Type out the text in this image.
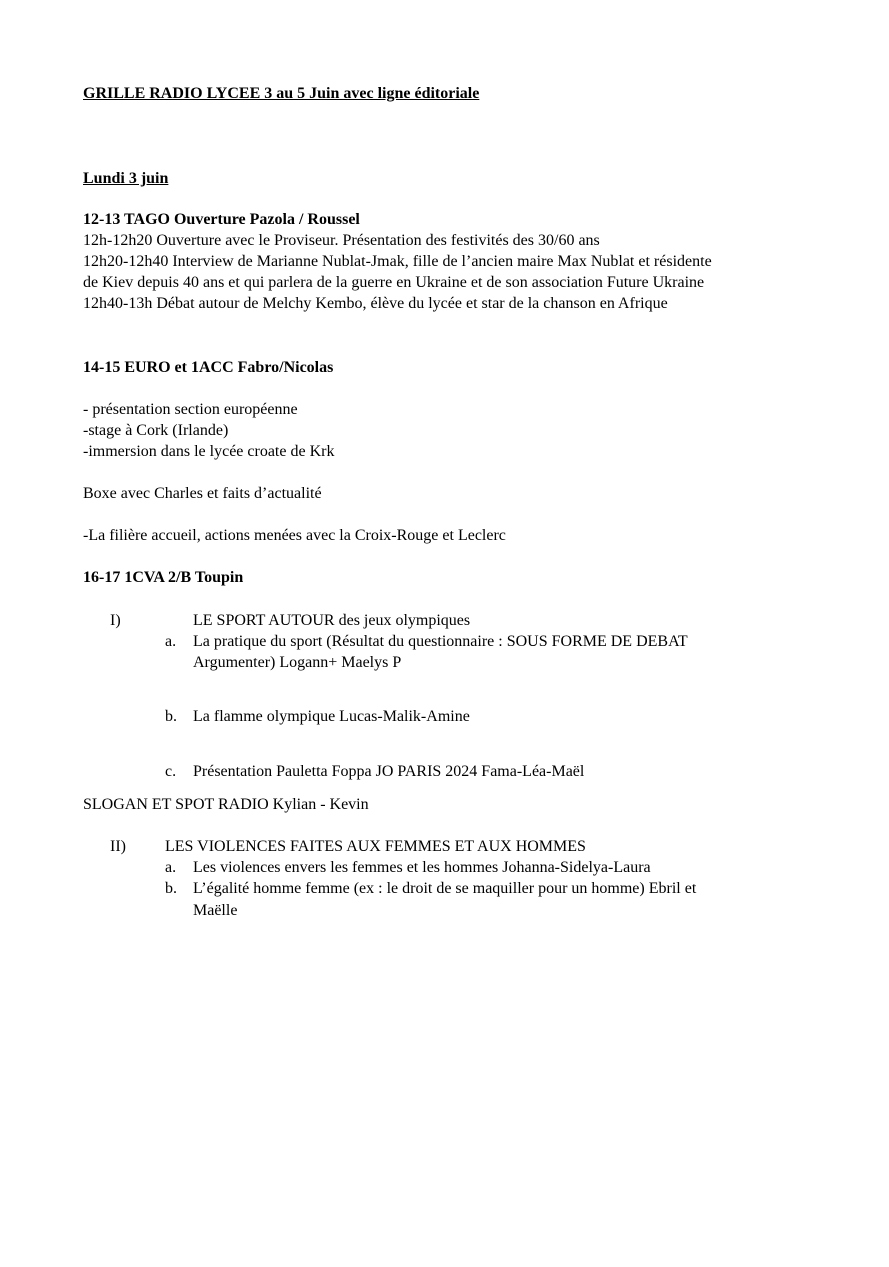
GRILLE RADIO LYCEE 3 au 5 Juin avec ligne éditoriale
Lundi 3 juin
12-13 TAGO Ouverture Pazola / Roussel
12h-12h20 Ouverture avec le Proviseur. Présentation des festivités des 30/60 ans
12h20-12h40 Interview de Marianne Nublat-Jmak, fille de l’ancien maire Max Nublat et résidente
de Kiev depuis 40 ans et qui parlera de la guerre en Ukraine et de son association Future Ukraine
12h40-13h Débat autour de Melchy Kembo, élève du lycée et star de la chanson en Afrique
14-15 EURO et 1ACC Fabro/Nicolas
- présentation section européenne
-stage à Cork (Irlande)
-immersion dans le lycée croate de Krk
Boxe avec Charles et faits d’actualité
-La filière accueil, actions menées avec la Croix-Rouge et Leclerc
16-17 1CVA 2/B Toupin
I)	LE SPORT AUTOUR des jeux olympiques
a. La pratique du sport (Résultat du questionnaire : SOUS FORME DE DEBAT
Argumenter) Logann+ Maelys P
b. La flamme olympique Lucas-Malik-Amine
c. Présentation Pauletta Foppa JO PARIS 2024 Fama-Léa-Maël
SLOGAN ET SPOT RADIO Kylian - Kevin
II) LES VIOLENCES FAITES AUX FEMMES ET AUX HOMMES
a. Les violences envers les femmes et les hommes Johanna-Sidelya-Laura
b. L’égalité homme femme (ex : le droit de se maquiller pour un homme) Ebril et
Maëlle
